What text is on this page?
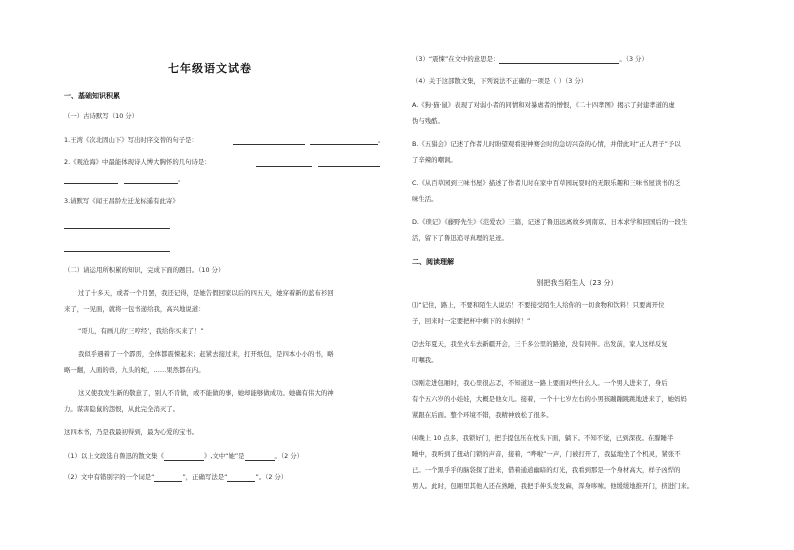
七年级语文试卷
一、基础知识积累
（一）古诗默写（10 分）
1.王湾《次北固山下》写出时序交替的句子是：	。
2.《观沧海》中最能体现诗人博大胸怀的几句诗是：
。
3.请默写《闻王昌龄左迁龙标遥有此寄》
（二）请运用所积累的知识，完成下面的题目。（10 分）
过了十多天，或者一个月罢，我还记得，是她告假回家以后的四五天，她穿着新的蓝布衫回
来了，一见面，就将一包书递给我，高兴地说道：
“哥儿，有画儿的‘三哼经’，我给你买来了！”
我似乎遇着了一个霹雳，全体都震悚起来；赶紧去接过来，打开纸包，是四本小小的书，略
略一翻，人面的兽，九头的蛇，……果然都在内。
这又使我发生新的敬意了，别人不肯做，或不能做的事，她却能够做成功。她确有伟大的神
力。谋害隐鼠的怨恨，从此完全消灭了。
这四本书，乃是我最初得到，最为心爱的宝书。
（1）以上文段选自鲁迅的散文集《	》,文中“她”是	。（2 分）
（2）文中有错别字的一个词是“	”，正确写法是“	”。（2 分）
（3）“震悚”在文中的意思是：	。（3 分）
（4）关于这部散文集，下列说法不正确的一项是（ ）（3 分）
A.《狗·猫·鼠》表现了对弱小者的同情和对暴虐者的憎恨，《二十四孝图》揭示了封建孝道的虚
伪与残酷。
B.《五猖会》记述了作者儿时盼望观看迎神赛会时的急切兴奋的心情，并借此对“正人君子”予以
了辛辣的嘲讽。
C.《从百草园到三味书屋》描述了作者儿时在家中百草园玩耍时的无限乐趣和三味书屋读书的乏
味生活。
D.《琐记》《藤野先生》《范爱农》三篇，记述了鲁迅远离故乡到南京、日本求学和回国后的一段生
活，留下了鲁迅追寻真理的足迹。
二、阅读理解
别把我当陌生人（23 分）
⑴“记住，路上，不要和陌生人说话！不要接受陌生人给你的一切食物和饮料！只要离开位
子，回来时一定要把杯中剩下的水倒掉！”
⑵去年夏天，我坐火车去新疆开会，三千多公里的路途，没有同伴。出发前，家人这样反复
叮嘱我。
⑶刚走进包厢时，我心里很忐忑，不知道这一路上要面对些什么人。一个男人进来了，身后
有个五六岁的小娃娃，大概是他女儿。接着，一个十七岁左右的小男孩蹦蹦跳跳地进来了，她妈妈
紧跟在后面。整个环境不错，我精神放松了很多。
⑷晚上 10 点多，我锁好门，把手提包压在枕头下面，躺下。不知不觉，已到深夜。在朦睡半
睡中，我听到了扭动门锁的声音，接着，“哗啦”一声，门被打开了，我猛地坐了个机灵，紧张不
已。一个黑乎乎的脑袋探了进来，借着通道幽暗的灯光，我看到那是一个身材高大，样子凶悍的
男人。此时，包厢里其他人还在熟睡，我把手伸头发发麻，浑身哆嗦。他缓缓地推开门，挤进门来。
